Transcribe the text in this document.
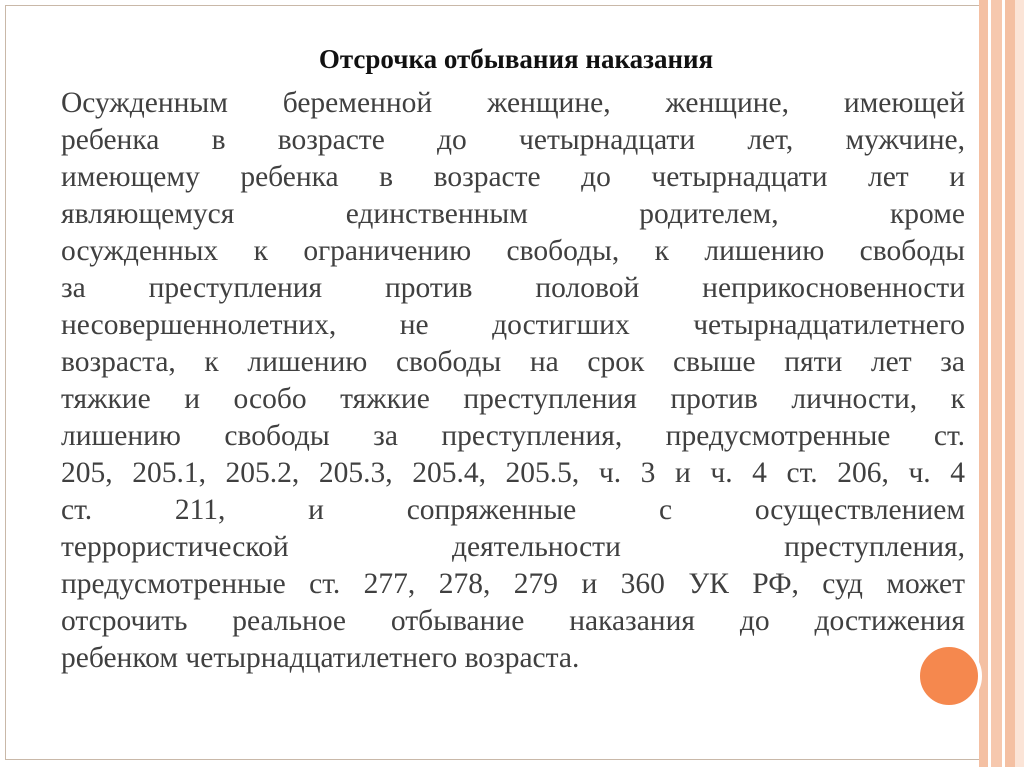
Отсрочка отбывания наказания
Осужденным беременной женщине, женщине, имеющей
ребенка в возрасте до четырнадцати лет, мужчине,
имеющему ребенка в возрасте до четырнадцати лет и
являющемуся единственным родителем, кроме
осужденных к ограничению свободы, к лишению свободы
за преступления против половой неприкосновенности
несовершеннолетних, не достигших четырнадцатилетнего
возраста, к лишению свободы на срок свыше пяти лет за
тяжкие и особо тяжкие преступления против личности, к
лишению свободы за преступления, предусмотренные ст.
205, 205.1, 205.2, 205.3, 205.4, 205.5, ч. 3 и ч. 4 ст. 206, ч. 4
ст. 211, и сопряженные с осуществлением
террористической деятельности преступления,
предусмотренные ст. 277, 278, 279 и 360 УК РФ, суд может
отсрочить реальное отбывание наказания до достижения
ребенком четырнадцатилетнего возраста.
